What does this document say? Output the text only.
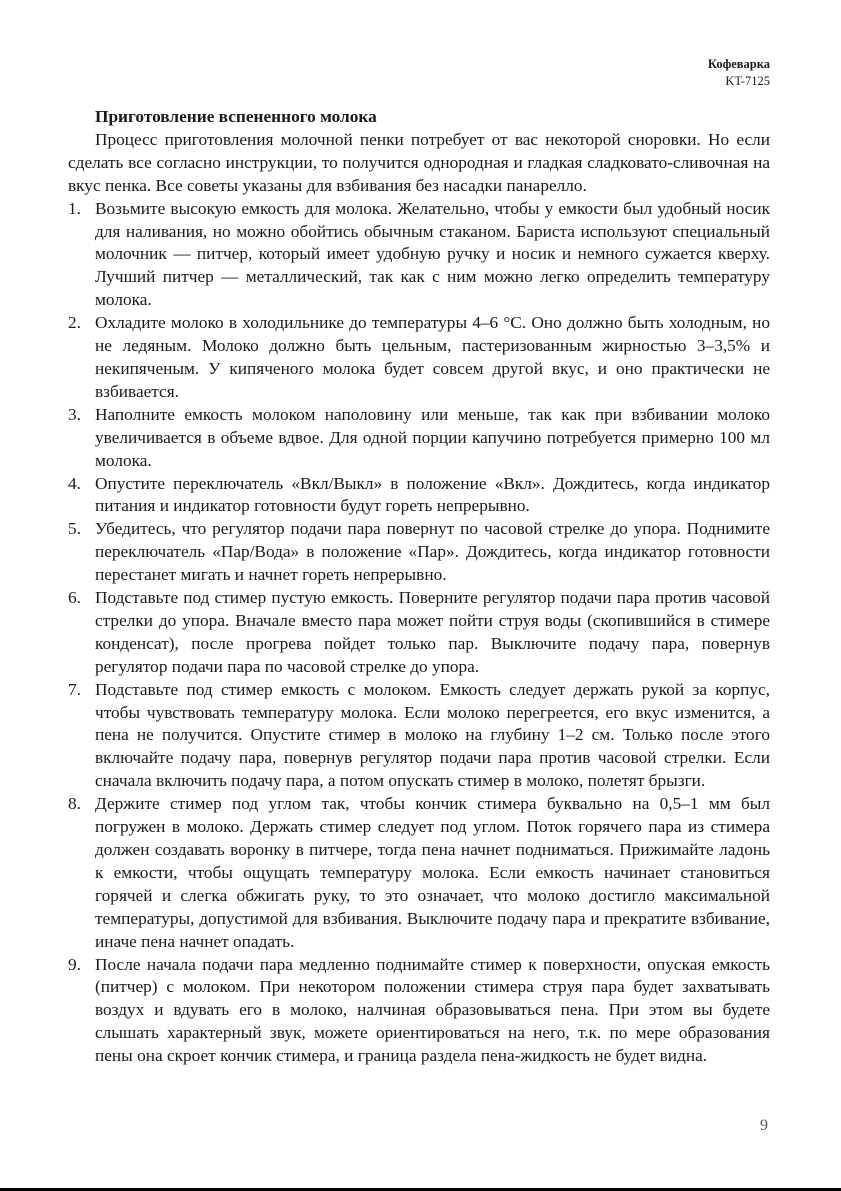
Кофеварка
KT-7125
Приготовление вспененного молока

Процесс приготовления молочной пенки потребует от вас некоторой сноровки. Но если сделать все согласно инструкции, то получится однородная и гладкая сладковато-сливочная на вкус пенка. Все советы указаны для взбивания без насадки панарелло.

1. Возьмите высокую емкость для молока. Желательно, чтобы у емкости был удобный носик для наливания, но можно обойтись обычным стаканом. Бариста используют специальный молочник — питчер, который имеет удобную ручку и носик и немного сужается кверху. Лучший питчер — металлический, так как с ним можно легко определить температуру молока.
2. Охладите молоко в холодильнике до температуры 4–6 °С. Оно должно быть холодным, но не ледяным. Молоко должно быть цельным, пастеризованным жирностью 3–3,5% и некипяченым. У кипяченого молока будет совсем другой вкус, и оно практически не взбивается.
3. Наполните емкость молоком наполовину или меньше, так как при взбивании молоко увеличивается в объеме вдвое. Для одной порции капучино потребуется примерно 100 мл молока.
4. Опустите переключатель «Вкл/Выкл» в положение «Вкл». Дождитесь, когда индикатор питания и индикатор готовности будут гореть непрерывно.
5. Убедитесь, что регулятор подачи пара повернут по часовой стрелке до упора. Поднимите переключатель «Пар/Вода» в положение «Пар». Дождитесь, когда индикатор готовности перестанет мигать и начнет гореть непрерывно.
6. Подставьте под стимер пустую емкость. Поверните регулятор подачи пара против часовой стрелки до упора. Вначале вместо пара может пойти струя воды (скопившийся в стимере конденсат), после прогрева пойдет только пар. Выключите подачу пара, повернув регулятор подачи пара по часовой стрелке до упора.
7. Подставьте под стимер емкость с молоком. Емкость следует держать рукой за корпус, чтобы чувствовать температуру молока. Если молоко перегреется, его вкус изменится, а пена не получится. Опустите стимер в молоко на глубину 1–2 см. Только после этого включайте подачу пара, повернув регулятор подачи пара против часовой стрелки. Если сначала включить подачу пара, а потом опускать стимер в молоко, полетят брызги.
8. Держите стимер под углом так, чтобы кончик стимера буквально на 0,5–1 мм был погружен в молоко. Держать стимер следует под углом. Поток горячего пара из стимера должен создавать воронку в питчере, тогда пена начнет подниматься. Прижимайте ладонь к емкости, чтобы ощущать температуру молока. Если емкость начинает становиться горячей и слегка обжигать руку, то это означает, что молоко достигло максимальной температуры, допустимой для взбивания. Выключите подачу пара и прекратите взбивание, иначе пена начнет опадать.
9. После начала подачи пара медленно поднимайте стимер к поверхности, опуская емкость (питчер) с молоком. При некотором положении стимера струя пара будет захватывать воздух и вдувать его в молоко, налчиная образовываться пена. При этом вы будете слышать характерный звук, можете ориентироваться на него, т.к. по мере образования пены она скроет кончик стимера, и граница раздела пена-жидкость не будет видна.
9
